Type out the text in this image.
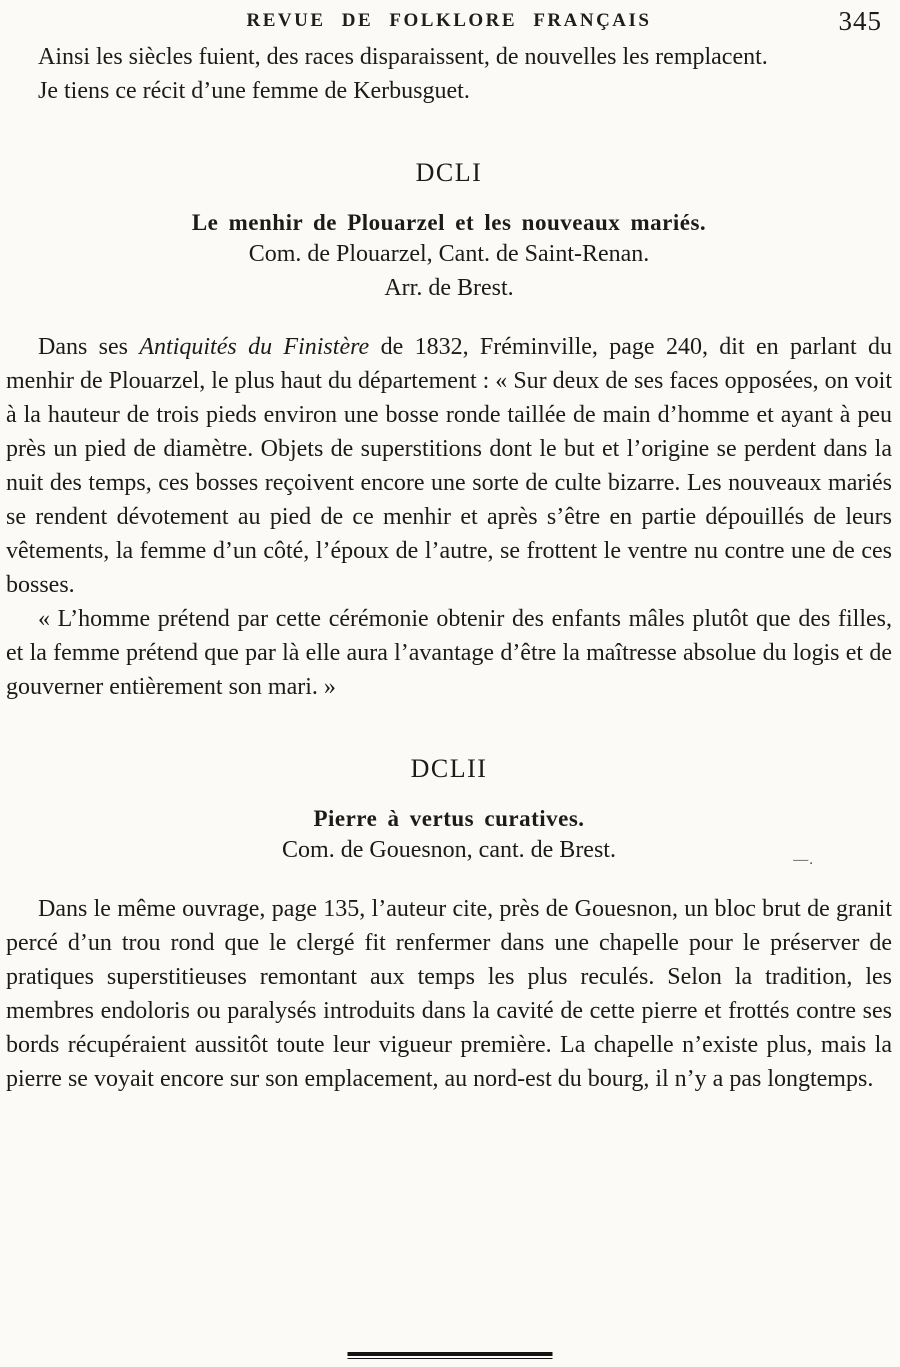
REVUE DE FOLKLORE FRANÇAIS	345

Ainsi les siècles fuient, des races disparaissent, de nouvelles les remplacent.

Je tiens ce récit d’une femme de Kerbusguet.

DCLI
Le menhir de Plouarzel et les nouveaux mariés.
Com. de Plouarzel, Cant. de Saint-Renan.
Arr. de Brest.

Dans ses Antiquités du Finistère de 1832, Fréminville, page 240, dit en parlant du menhir de Plouarzel, le plus haut du département : « Sur deux de ses faces opposées, on voit à la hauteur de trois pieds environ une bosse ronde taillée de main d’homme et ayant à peu près un pied de diamètre. Objets de superstitions dont le but et l’origine se perdent dans la nuit des temps, ces bosses reçoivent encore une sorte de culte bizarre. Les nouveaux mariés se rendent dévotement au pied de ce menhir et après s’être en partie dépouillés de leurs vêtements, la femme d’un côté, l’époux de l’autre, se frottent le ventre nu contre une de ces bosses.

« L’homme prétend par cette cérémonie obtenir des enfants mâles plutôt que des filles, et la femme prétend que par là elle aura l’avantage d’être la maîtresse absolue du logis et de gouverner entièrement son mari. »

—.
DCLII
Pierre à vertus curatives.
Com. de Gouesnon, cant. de Brest.

Dans le même ouvrage, page 135, l’auteur cite, près de Gouesnon, un bloc brut de granit percé d’un trou rond que le clergé fit renfermer dans une chapelle pour le préserver de pratiques superstitieuses remontant aux temps les plus reculés. Selon la tradition, les membres endoloris ou paralysés introduits dans la cavité de cette pierre et frottés contre ses bords récupéraient aussitôt toute leur vigueur première. La chapelle n’existe plus, mais la pierre se voyait encore sur son emplacement, au nord-est du bourg, il n’y a pas longtemps.
